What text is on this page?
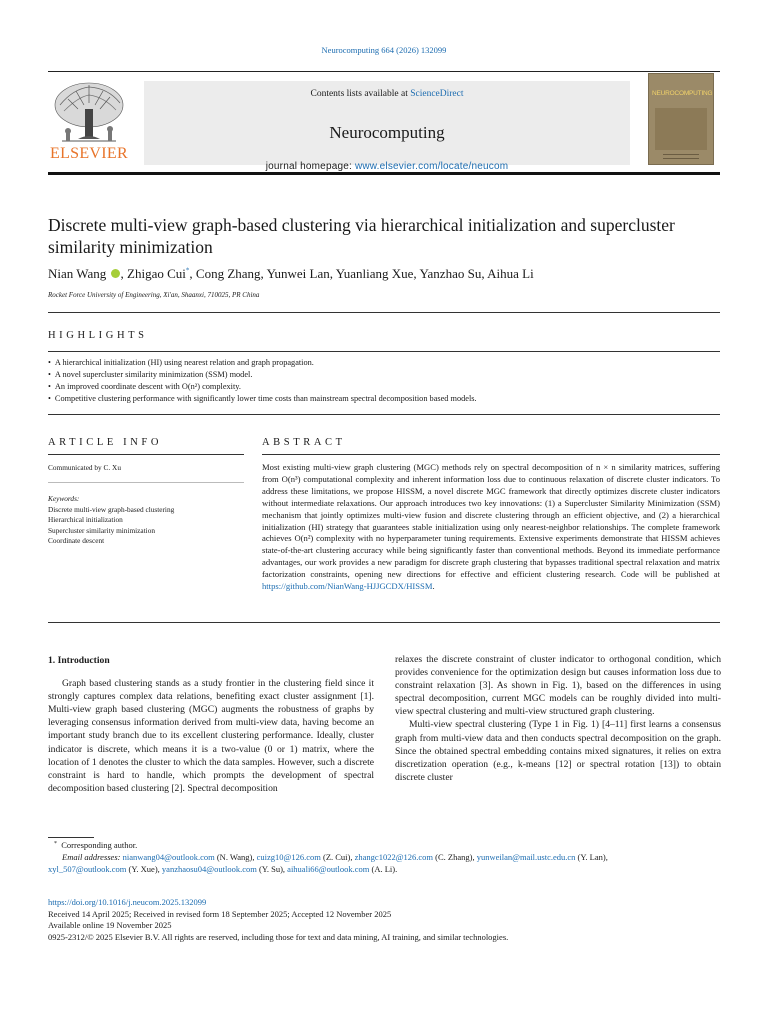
Neurocomputing 664 (2026) 132099
ELSEVIER
Contents lists available at ScienceDirect
Neurocomputing
journal homepage: www.elsevier.com/locate/neucom
NEUROCOMPUTING
Discrete multi-view graph-based clustering via hierarchical initialization and supercluster similarity minimization
Nian Wang , Zhigao Cui*, Cong Zhang, Yunwei Lan, Yuanliang Xue, Yanzhao Su, Aihua Li
Rocket Force University of Engineering, Xi'an, Shaanxi, 710025, PR China
HIGHLIGHTS
• A hierarchical initialization (HI) using nearest relation and graph propagation.
• A novel supercluster similarity minimization (SSM) model.
• An improved coordinate descent with O(n²) complexity.
• Competitive clustering performance with significantly lower time costs than mainstream spectral decomposition based models.
ARTICLE INFO
Communicated by C. Xu
Keywords:
Discrete multi-view graph-based clustering
Hierarchical initialization
Supercluster similarity minimization
Coordinate descent
ABSTRACT
Most existing multi-view graph clustering (MGC) methods rely on spectral decomposition of n × n similarity matrices, suffering from O(n³) computational complexity and inherent information loss due to continuous relaxation of discrete cluster indicators. To address these limitations, we propose HISSM, a novel discrete MGC framework that directly optimizes discrete cluster indicators without intermediate relaxations. Our approach introduces two key innovations: (1) a Supercluster Similarity Minimization (SSM) mechanism that jointly optimizes multi-view fusion and discrete clustering through an efficient objective, and (2) a hierarchical initialization (HI) strategy that guarantees stable initialization using only nearest-neighbor relationships. The complete framework achieves O(n²) complexity with no hyperparameter tuning requirements. Extensive experiments demonstrate that HISSM achieves state-of-the-art clustering accuracy while being significantly faster than conventional methods. Beyond its immediate performance advantages, our work provides a new paradigm for discrete graph clustering that bypasses traditional spectral relaxation and matrix factorization constraints, opening new directions for effective and efficient clustering research. Code will be published at https://github.com/NianWang-HJJGCDX/HISSM.

1. Introduction

Graph based clustering stands as a study frontier in the clustering field since it strongly captures complex data relations, benefiting exact cluster assignment [1]. Multi-view graph based clustering (MGC) augments the robustness of graphs by leveraging consensus information derived from multi-view data, having become an important study branch due to its excellent clustering performance. Ideally, cluster indicator is discrete, which means it is a two-value (0 or 1) matrix, where the location of 1 denotes the cluster to which the data samples. However, such a discrete constraint is hard to handle, which prompts the development of spectral decomposition based clustering [2]. Spectral decomposition

relaxes the discrete constraint of cluster indicator to orthogonal condition, which provides convenience for the optimization design but causes information loss due to constraint relaxation [3]. As shown in Fig. 1), based on the differences in using spectral decomposition, current MGC models can be roughly divided into multi-view spectral clustering and multi-view structured graph clustering.

Multi-view spectral clustering (Type 1 in Fig. 1) [4–11] first learns a consensus graph from multi-view data and then conducts spectral decomposition on the graph. Since the obtained spectral embedding contains mixed signatures, it relies on extra discretization operation (e.g., k-means [12] or spectral rotation [13]) to obtain discrete cluster

* Corresponding author.
Email addresses: nianwang04@outlook.com (N. Wang), cuizg10@126.com (Z. Cui), zhangc1022@126.com (C. Zhang), yunweilan@mail.ustc.edu.cn (Y. Lan),
xyl_507@outlook.com (Y. Xue), yanzhaosu04@outlook.com (Y. Su), aihuali66@outlook.com (A. Li).
https://doi.org/10.1016/j.neucom.2025.132099
Received 14 April 2025; Received in revised form 18 September 2025; Accepted 12 November 2025
Available online 19 November 2025
0925-2312/© 2025 Elsevier B.V. All rights are reserved, including those for text and data mining, AI training, and similar technologies.
